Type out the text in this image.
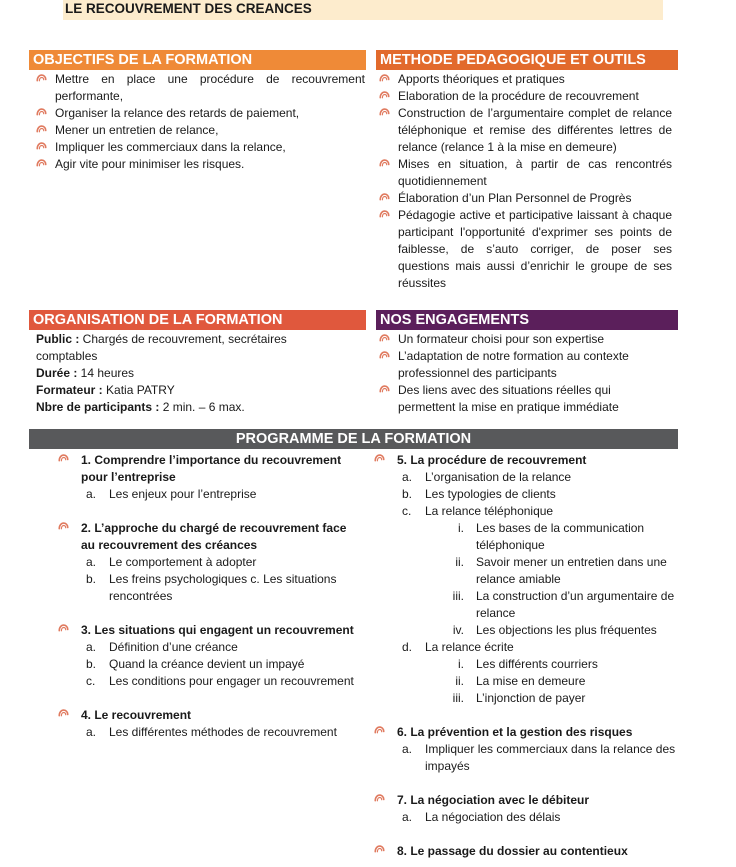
LE RECOUVREMENT DES CREANCES
OBJECTIFS DE LA FORMATION
Mettre en place une procédure de recouvrement performante,
Organiser la relance des retards de paiement,
Mener un entretien de relance,
Impliquer les commerciaux dans la relance,
Agir vite pour minimiser les risques.
METHODE PEDAGOGIQUE ET OUTILS
Apports théoriques et pratiques
Elaboration de la procédure de recouvrement
Construction de l’argumentaire complet de relance téléphonique et remise des différentes lettres de relance (relance 1 à la mise en demeure)
Mises en situation, à partir de cas rencontrés quotidiennement
Élaboration d’un Plan Personnel de Progrès
Pédagogie active et participative laissant à chaque participant l'opportunité d'exprimer ses points de faiblesse, de s’auto corriger, de poser ses questions mais aussi d’enrichir le groupe de ses réussites
ORGANISATION DE LA FORMATION

Public : Chargés de recouvrement, secrétaires comptables

Durée : 14 heures

Formateur : Katia PATRY

Nbre de participants : 2 min. – 6 max.

NOS ENGAGEMENTS
Un formateur choisi pour son expertise
L’adaptation de notre formation au contexte professionnel des participants
Des liens avec des situations réelles qui permettent la mise en pratique immédiate
PROGRAMME DE LA FORMATION
1. Comprendre l’importance du recouvrement pour l’entreprise
a.	Les enjeux pour l’entreprise
2. L’approche du chargé de recouvrement face au recouvrement des créances
a.	Le comportement à adopter
b.	Les freins psychologiques c. Les situations rencontrées
3. Les situations qui engagent un recouvrement
a.	Définition d’une créance
b.	Quand la créance devient un impayé
c.	Les conditions pour engager un recouvrement
4. Le recouvrement
a.	Les différentes méthodes de recouvrement
5. La procédure de recouvrement
a.	L’organisation de la relance
b.	Les typologies de clients
c.	La relance téléphonique
i. Les bases de la communication téléphonique
ii. Savoir mener un entretien dans une relance amiable
iii. La construction d’un argumentaire de relance
iv. Les objections les plus fréquentes
d.	La relance écrite
i. Les différents courriers
ii. La mise en demeure
iii. L’injonction de payer
6. La prévention et la gestion des risques
a.	Impliquer les commerciaux dans la relance des impayés
7. La négociation avec le débiteur
a.	La négociation des délais
8. Le passage du dossier au contentieux
